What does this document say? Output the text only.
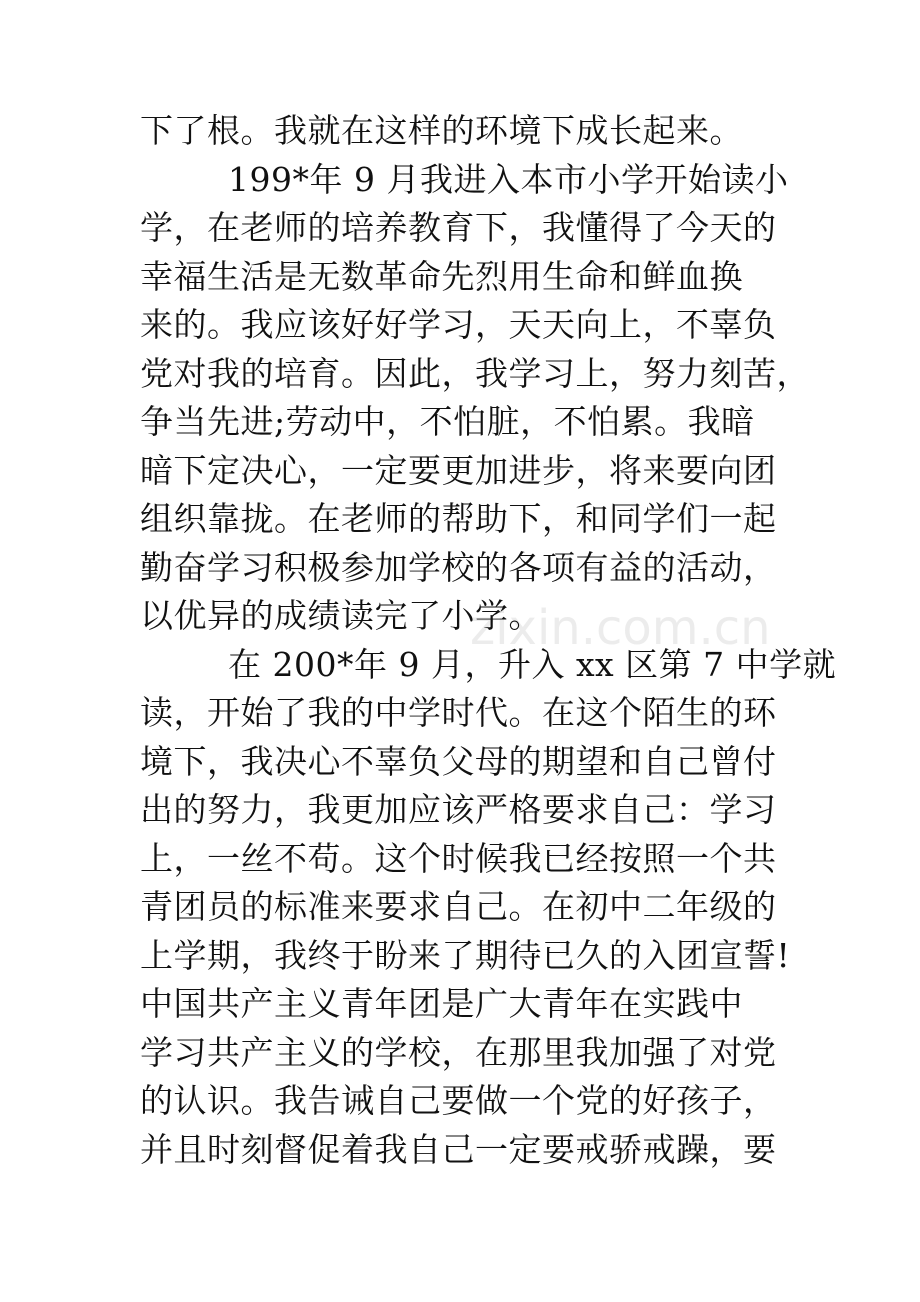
zixin.com.cn
下了根。我就在这样的环境下成长起来。
199*年 9 月我进入本市小学开始读小
学，在老师的培养教育下，我懂得了今天的
幸福生活是无数革命先烈用生命和鲜血换
来的。我应该好好学习，天天向上，不辜负
党对我的培育。因此，我学习上，努力刻苦，
争当先进;劳动中，不怕脏，不怕累。我暗
暗下定决心，一定要更加进步，将来要向团
组织靠拢。在老师的帮助下，和同学们一起
勤奋学习积极参加学校的各项有益的活动，
以优异的成绩读完了小学。
在 200*年 9 月，升入 xx 区第 7 中学就
读，开始了我的中学时代。在这个陌生的环
境下，我决心不辜负父母的期望和自己曾付
出的努力，我更加应该严格要求自己：学习
上，一丝不苟。这个时候我已经按照一个共
青团员的标准来要求自己。在初中二年级的
上学期，我终于盼来了期待已久的入团宣誓!
中国共产主义青年团是广大青年在实践中
学习共产主义的学校，在那里我加强了对党
的认识。我告诫自己要做一个党的好孩子，
并且时刻督促着我自己一定要戒骄戒躁，要
